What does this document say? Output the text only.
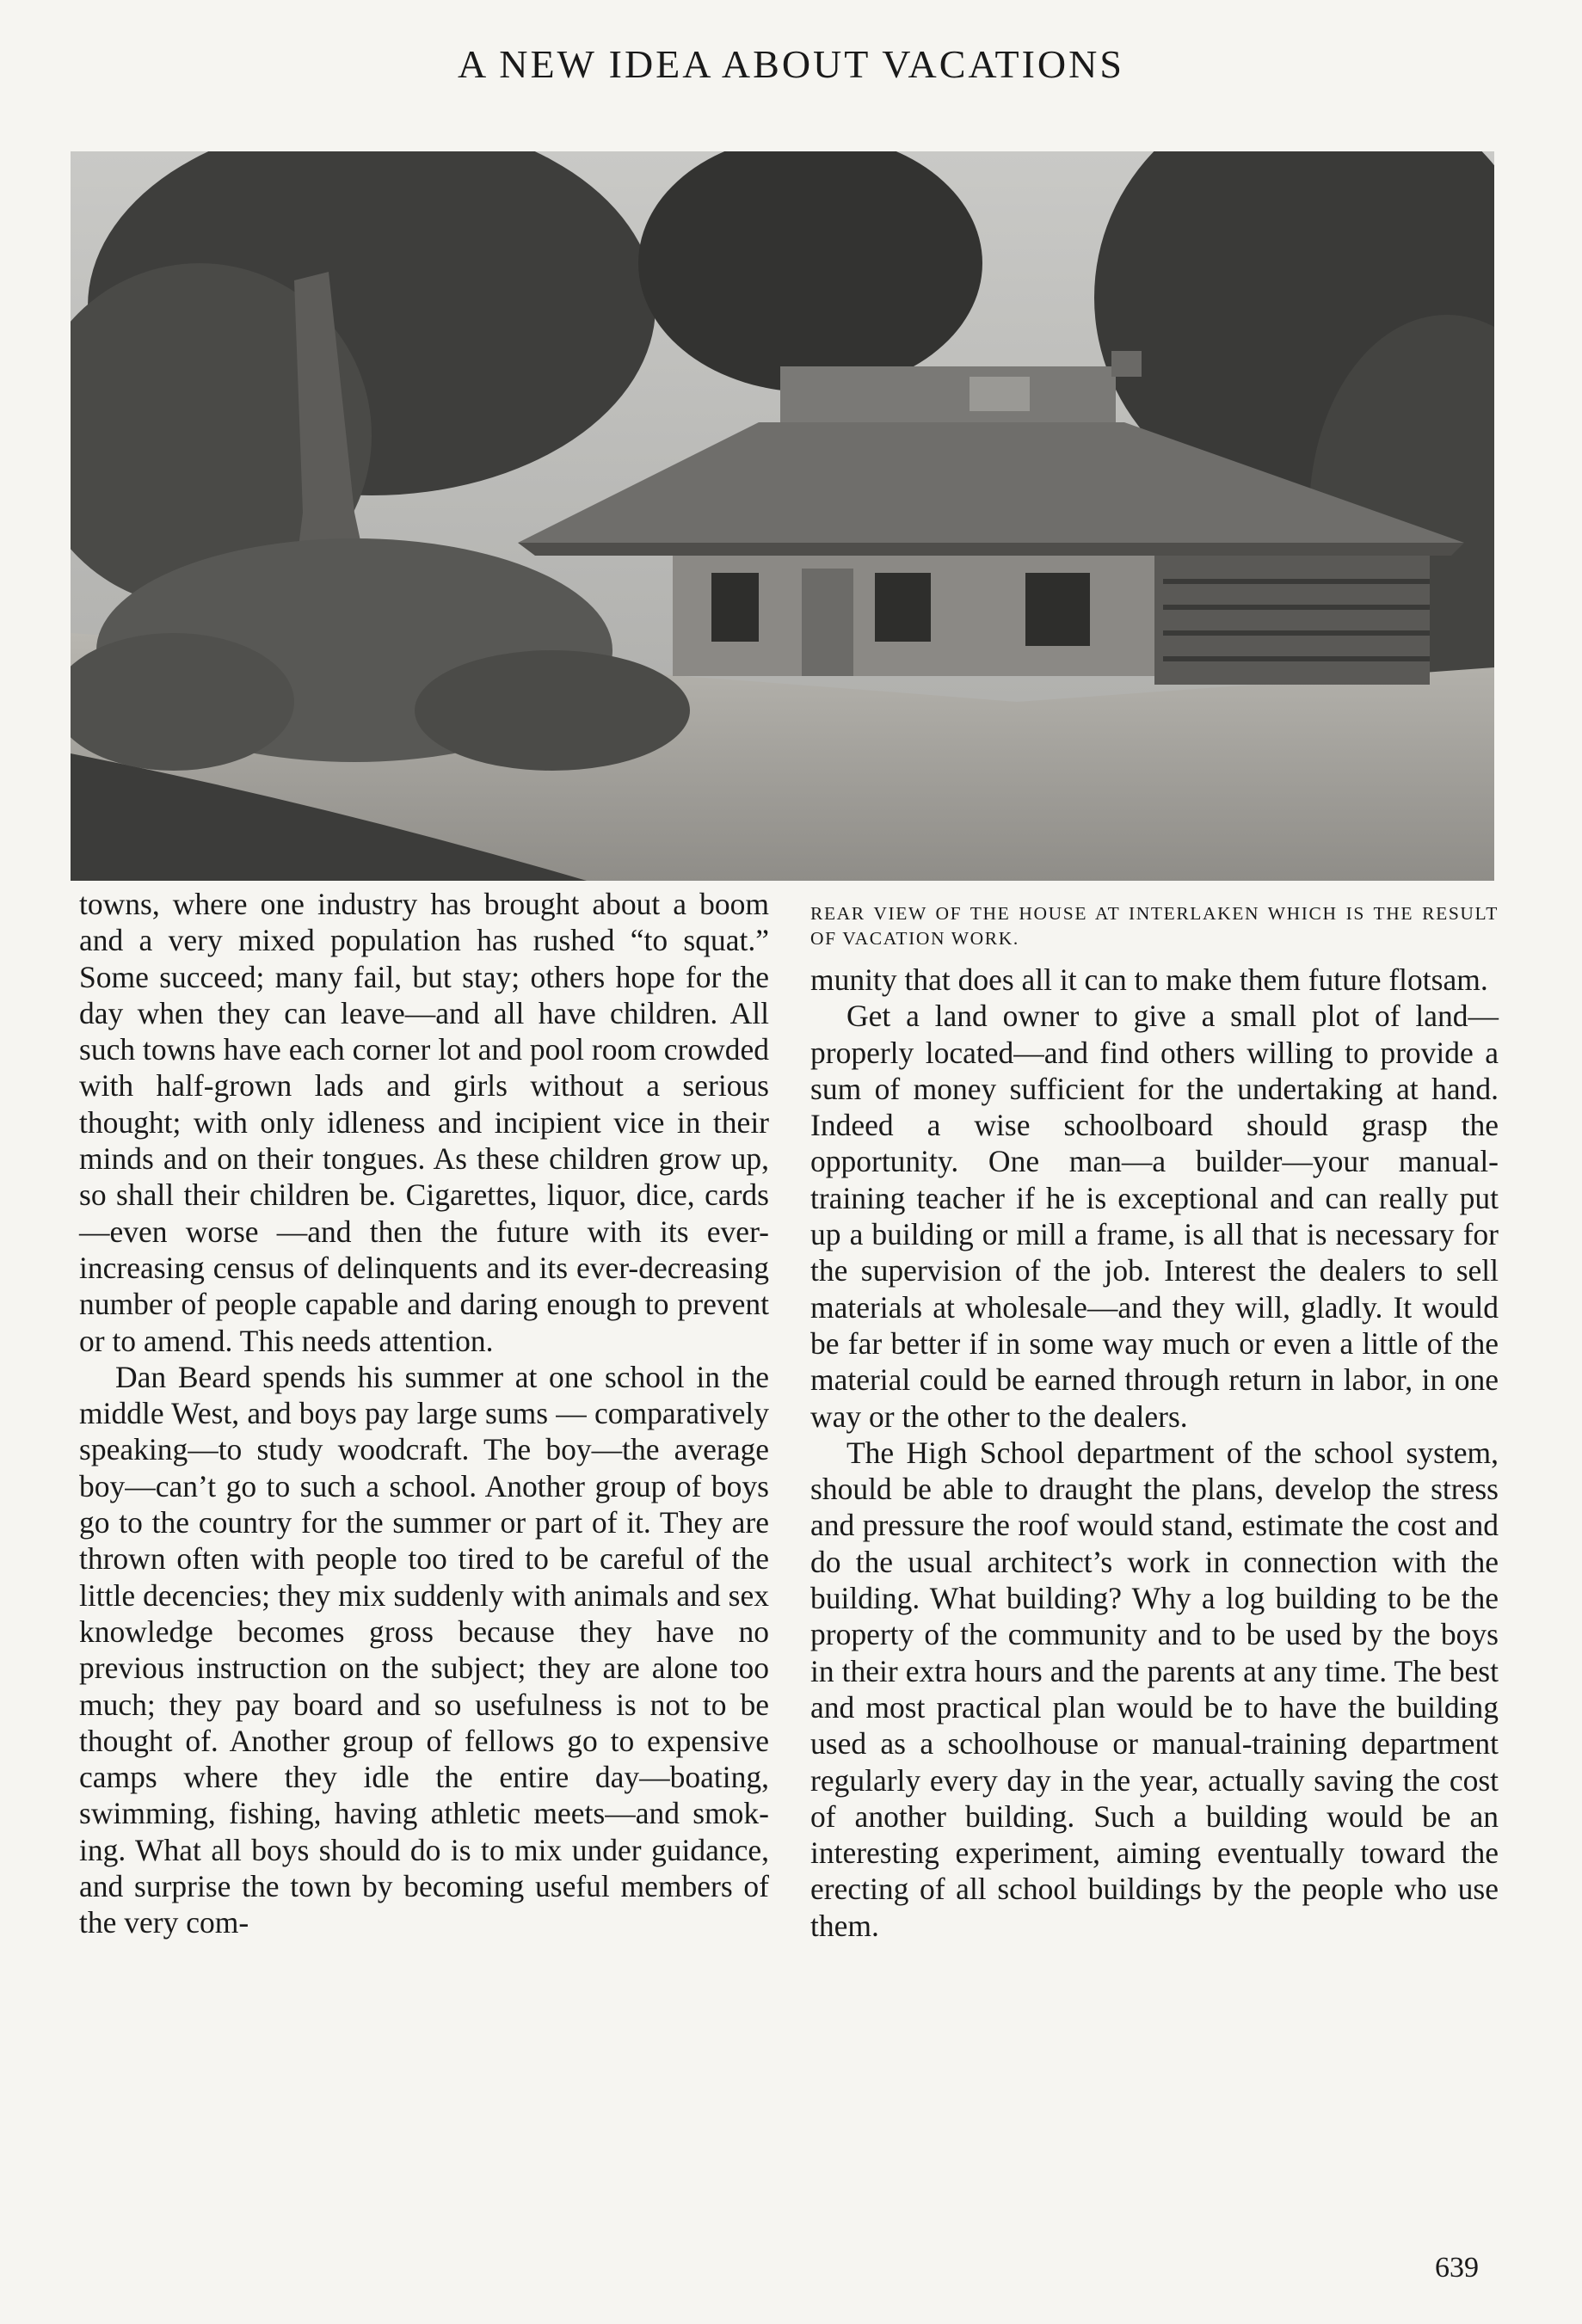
A NEW IDEA ABOUT VACATIONS

towns, where one industry has brought about a boom and a very mixed population has rushed “to squat.” Some succeed; many fail, but stay; others hope for the day when they can leave—and all have children. All such towns have each corner lot and pool room crowded with half-grown lads and girls without a serious thought; with only idleness and incipient vice in their minds and on their tongues. As these children grow up, so shall their children be. Cigarettes, liquor, dice, cards—even worse —and then the future with its ever-increasing census of delinquents and its ever-decreasing number of people capable and daring enough to prevent or to amend. This needs attention.

Dan Beard spends his summer at one school in the middle West, and boys pay large sums — comparatively speaking—to study woodcraft. The boy—the average boy—can’t go to such a school. Another group of boys go to the country for the summer or part of it. They are thrown often with people too tired to be careful of the little decencies; they mix suddenly with animals and sex knowledge becomes gross because they have no previous instruction on the subject; they are alone too much; they pay board and so usefulness is not to be thought of. Another group of fellows go to expensive camps where they idle the entire day—boating, swimming, fishing, having athletic meets—and smoking. What all boys should do is to mix under guidance, and surprise the town by becoming useful members of the very com-

REAR VIEW OF THE HOUSE AT INTERLAKEN WHICH IS THE RESULT OF VACATION WORK.

munity that does all it can to make them future flotsam.

Get a land owner to give a small plot of land—properly located—and find others willing to provide a sum of money sufficient for the undertaking at hand. Indeed a wise schoolboard should grasp the opportunity. One man—a builder—your manual-training teacher if he is exceptional and can really put up a building or mill a frame, is all that is necessary for the supervision of the job. Interest the dealers to sell materials at wholesale—and they will, gladly. It would be far better if in some way much or even a little of the material could be earned through return in labor, in one way or the other to the dealers.

The High School department of the school system, should be able to draught the plans, develop the stress and pressure the roof would stand, estimate the cost and do the usual architect’s work in connection with the building. What building? Why a log building to be the property of the community and to be used by the boys in their extra hours and the parents at any time. The best and most practical plan would be to have the building used as a schoolhouse or manual-training department regularly every day in the year, actually saving the cost of another building. Such a building would be an interesting experiment, aiming eventually toward the erecting of all school buildings by the people who use them.

639
